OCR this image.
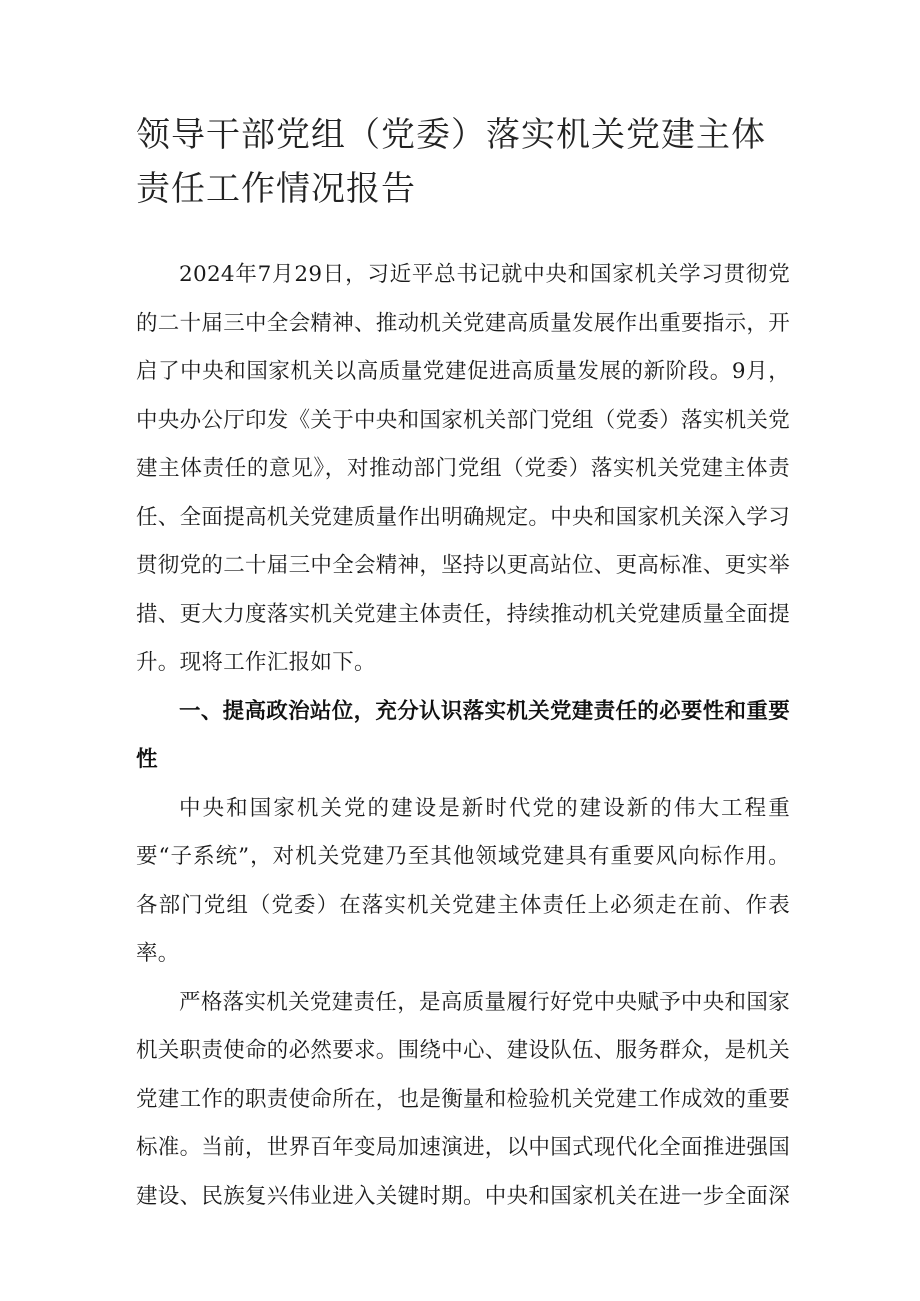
领导干部党组（党委）落实机关党建主体责任工作情况报告

2024年7月29日，习近平总书记就中央和国家机关学习贯彻党的二十届三中全会精神、推动机关党建高质量发展作出重要指示，开启了中央和国家机关以高质量党建促进高质量发展的新阶段。9月，中央办公厅印发《关于中央和国家机关部门党组（党委）落实机关党建主体责任的意见》，对推动部门党组（党委）落实机关党建主体责任、全面提高机关党建质量作出明确规定。中央和国家机关深入学习贯彻党的二十届三中全会精神，坚持以更高站位、更高标准、更实举措、更大力度落实机关党建主体责任，持续推动机关党建质量全面提升。现将工作汇报如下。

一、提高政治站位，充分认识落实机关党建责任的必要性和重要性

中央和国家机关党的建设是新时代党的建设新的伟大工程重要“子系统”，对机关党建乃至其他领域党建具有重要风向标作用。各部门党组（党委）在落实机关党建主体责任上必须走在前、作表率。

严格落实机关党建责任，是高质量履行好党中央赋予中央和国家机关职责使命的必然要求。围绕中心、建设队伍、服务群众，是机关党建工作的职责使命所在，也是衡量和检验机关党建工作成效的重要标准。当前，世界百年变局加速演进，以中国式现代化全面推进强国建设、民族复兴伟业进入关键时期。中央和国家机关在进一步全面深
